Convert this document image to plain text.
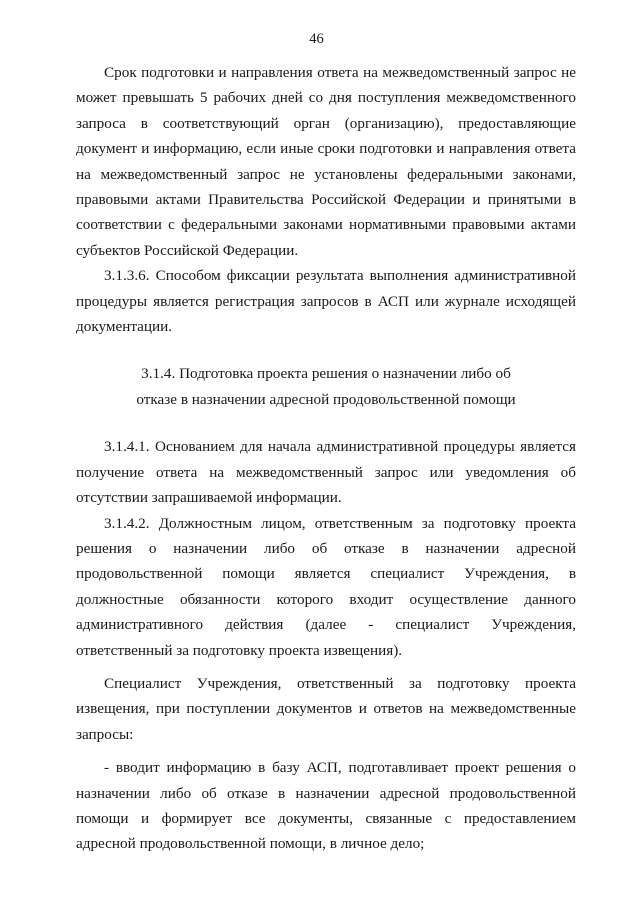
46

Срок подготовки и направления ответа на межведомственный запрос не может превышать 5 рабочих дней со дня поступления межведомственного запроса в соответствующий орган (организацию), предоставляющие документ и информацию, если иные сроки подготовки и направления ответа на межведомственный запрос не установлены федеральными законами, правовыми актами Правительства Российской Федерации и принятыми в соответствии с федеральными законами нормативными правовыми актами субъектов Российской Федерации.

3.1.3.6. Способом фиксации результата выполнения административной процедуры является регистрация запросов в АСП или журнале исходящей документации.

3.1.4. Подготовка проекта решения о назначении либо об
отказе в назначении адресной продовольственной помощи

3.1.4.1. Основанием для начала административной процедуры является получение ответа на межведомственный запрос или уведомления об отсутствии запрашиваемой информации.

3.1.4.2. Должностным лицом, ответственным за подготовку проекта решения о назначении либо об отказе в назначении адресной продовольственной помощи является специалист Учреждения, в должностные обязанности которого входит осуществление данного административного действия (далее - специалист Учреждения, ответственный за подготовку проекта извещения).

Специалист Учреждения, ответственный за подготовку проекта извещения, при поступлении документов и ответов на межведомственные запросы:

- вводит информацию в базу АСП, подготавливает проект решения о назначении либо об отказе в назначении адресной продовольственной помощи и формирует все документы, связанные с предоставлением адресной продовольственной помощи, в личное дело;
